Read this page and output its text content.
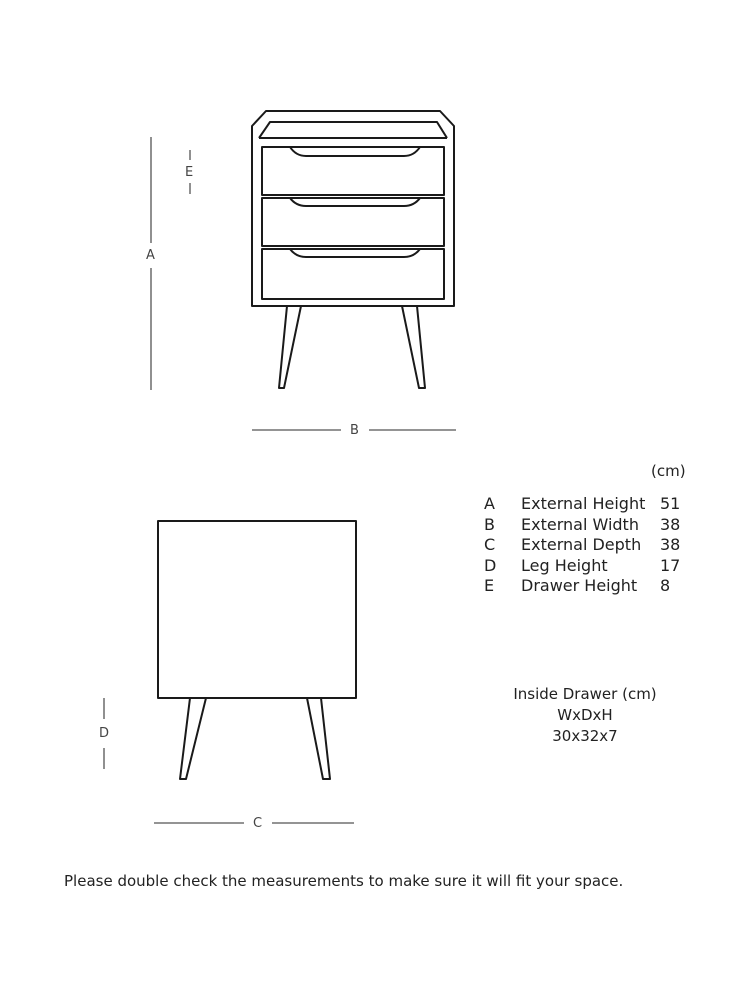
A
E
B
D
C
(cm)
A	External Height	51
B	External Width	38
C	External Depth	38
D	Leg Height	17
E	Drawer Height	8
Inside Drawer (cm)
WxDxH
30x32x7
Please double check the measurements to make sure it will fit your space.
